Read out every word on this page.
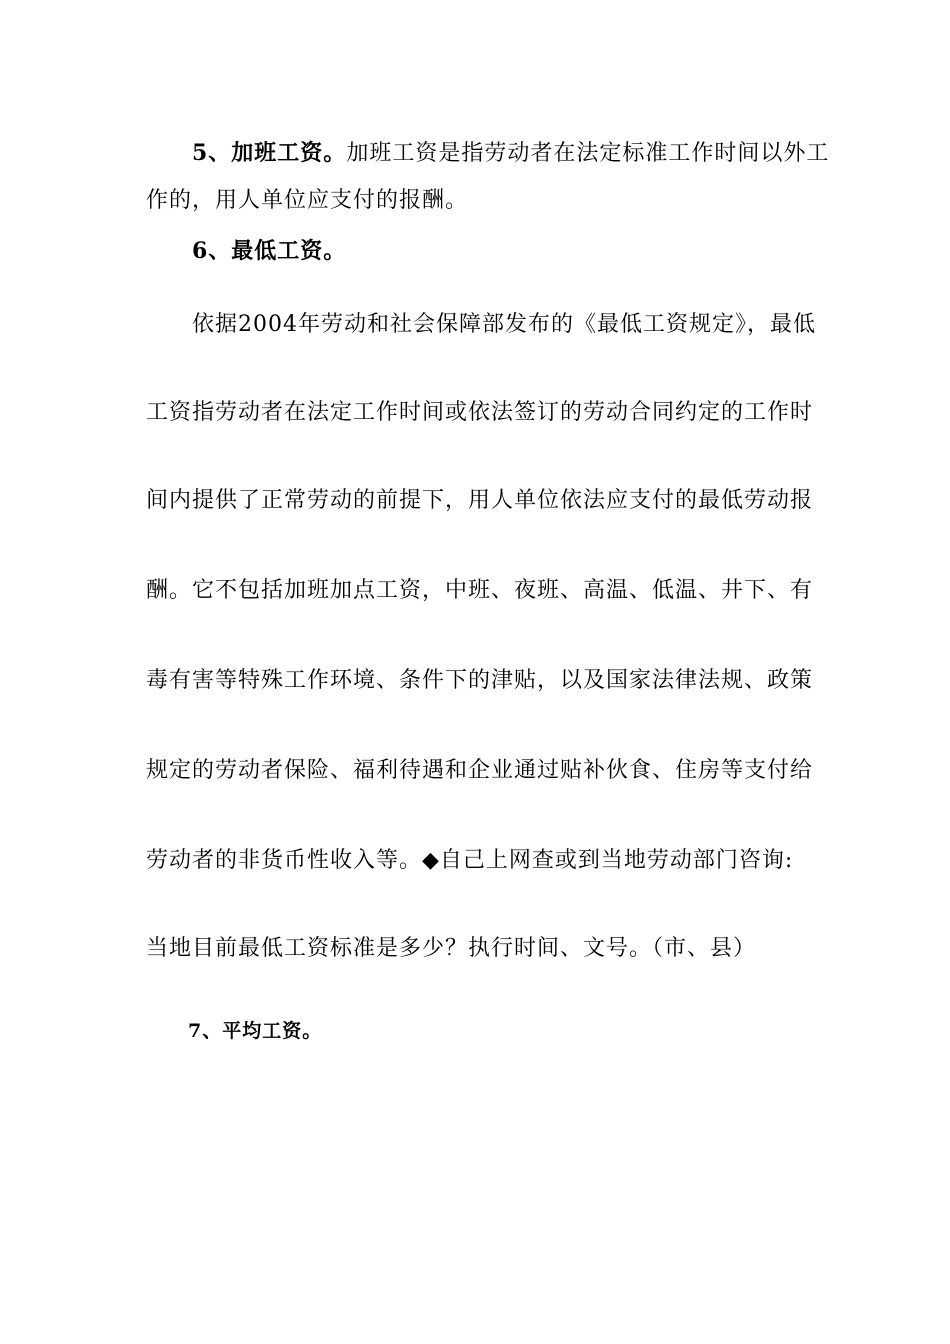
5、加班工资。加班工资是指劳动者在法定标准工作时间以外工
作的，用人单位应支付的报酬。
6、最低工资。
依据2004年劳动和社会保障部发布的《最低工资规定》，最低
工资指劳动者在法定工作时间或依法签订的劳动合同约定的工作时
间内提供了正常劳动的前提下，用人单位依法应支付的最低劳动报
酬。它不包括加班加点工资，中班、夜班、高温、低温、井下、有
毒有害等特殊工作环境、条件下的津贴，以及国家法律法规、政策
规定的劳动者保险、福利待遇和企业通过贴补伙食、住房等支付给
劳动者的非货币性收入等。◆自己上网查或到当地劳动部门咨询:
当地目前最低工资标准是多少？执行时间、文号。（市、县）
7、平均工资。
